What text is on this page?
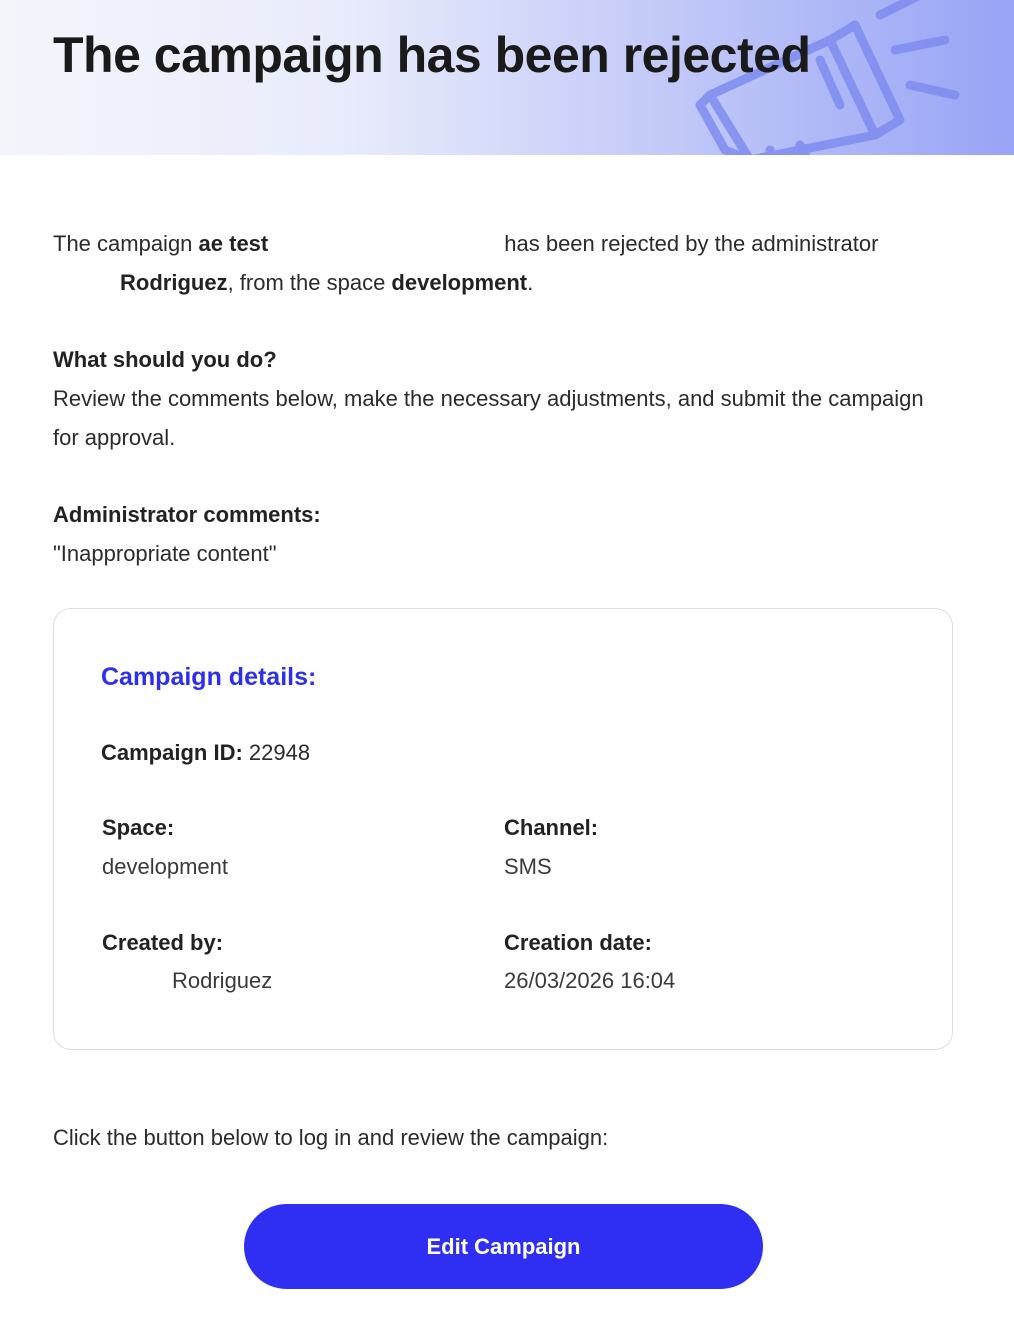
The campaign has been rejected
The campaign ae test	has been rejected by the administrator
Rodriguez, from the space development.
What should you do?
Review the comments below, make the necessary adjustments, and submit the campaign for approval.
Administrator comments:
"Inappropriate content"
Campaign details:
Campaign ID: 22948
Space:
development
Channel:
SMS
Created by:
Rodriguez
Creation date:
26/03/2026 16:04
Click the button below to log in and review the campaign:
Edit Campaign
